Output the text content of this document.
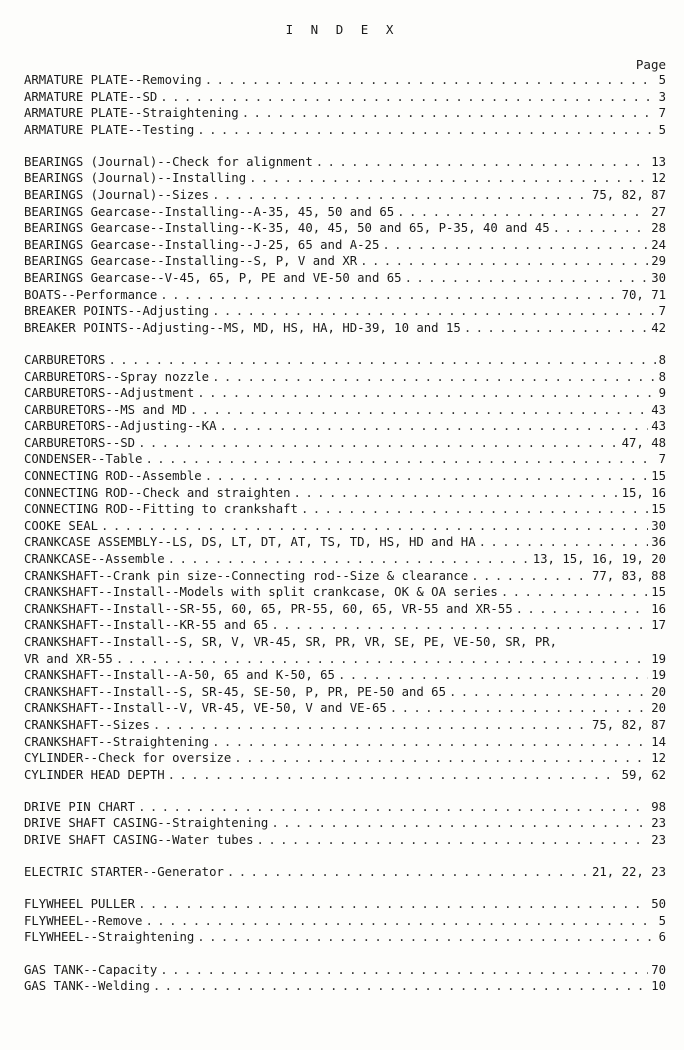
I N D E X
Page
ARMATURE PLATE--Removing . . .	5
ARMATURE PLATE--SD . . .	3
ARMATURE PLATE--Straightening . . .	7
ARMATURE PLATE--Testing . . .	5
BEARINGS (Journal)--Check for alignment . . .	13
BEARINGS (Journal)--Installing . . .	12
BEARINGS (Journal)--Sizes . . .	75, 82, 87
BEARINGS Gearcase--Installing--A-35, 45, 50 and 65 . . .	27
BEARINGS Gearcase--Installing--K-35, 40, 45, 50 and 65, P-35, 40 and 45 . . .	28
BEARINGS Gearcase--Installing--J-25, 65 and A-25 . . .	24
BEARINGS Gearcase--Installing--S, P, V and XR . . .	29
BEARINGS Gearcase--V-45, 65, P, PE and VE-50 and 65 . . .	30
BOATS--Performance . . .	70, 71
BREAKER POINTS--Adjusting . . .	7
BREAKER POINTS--Adjusting--MS, MD, HS, HA, HD-39, 10 and 15 . . .	42
CARBURETORS . . .	8
CARBURETORS--Spray nozzle . . .	8
CARBURETORS--Adjustment . . .	9
CARBURETORS--MS and MD . . .	43
CARBURETORS--Adjusting--KA . . .	43
CARBURETORS--SD . . .	47, 48
CONDENSER--Table . . .	7
CONNECTING ROD--Assemble . . .	15
CONNECTING ROD--Check and straighten . . .	15, 16
CONNECTING ROD--Fitting to crankshaft . . .	15
COOKE SEAL . . .	30
CRANKCASE ASSEMBLY--LS, DS, LT, DT, AT, TS, TD, HS, HD and HA . . .	36
CRANKCASE--Assemble . . .	13, 15, 16, 19, 20
CRANKSHAFT--Crank pin size--Connecting rod--Size & clearance . . .	77, 83, 88
CRANKSHAFT--Install--Models with split crankcase, OK & OA series . . .	15
CRANKSHAFT--Install--SR-55, 60, 65, PR-55, 60, 65, VR-55 and XR-55 . . .	16
CRANKSHAFT--Install--KR-55 and 65 . . .	17
CRANKSHAFT--Install--S, SR, V, VR-45, SR, PR, VR, SE, PE, VE-50, SR, PR,
VR and XR-55 . . .	19
CRANKSHAFT--Install--A-50, 65 and K-50, 65 . . .	19
CRANKSHAFT--Install--S, SR-45, SE-50, P, PR, PE-50 and 65 . . .	20
CRANKSHAFT--Install--V, VR-45, VE-50, V and VE-65 . . .	20
CRANKSHAFT--Sizes . . .	75, 82, 87
CRANKSHAFT--Straightening . . .	14
CYLINDER--Check for oversize . . .	12
CYLINDER HEAD DEPTH . . .	59, 62
DRIVE PIN CHART . . .	98
DRIVE SHAFT CASING--Straightening . . .	23
DRIVE SHAFT CASING--Water tubes . . .	23
ELECTRIC STARTER--Generator . . .	21, 22, 23
FLYWHEEL PULLER . . .	50
FLYWHEEL--Remove . . .	5
FLYWHEEL--Straightening . . .	6
GAS TANK--Capacity . . .	70
GAS TANK--Welding . . .	10
